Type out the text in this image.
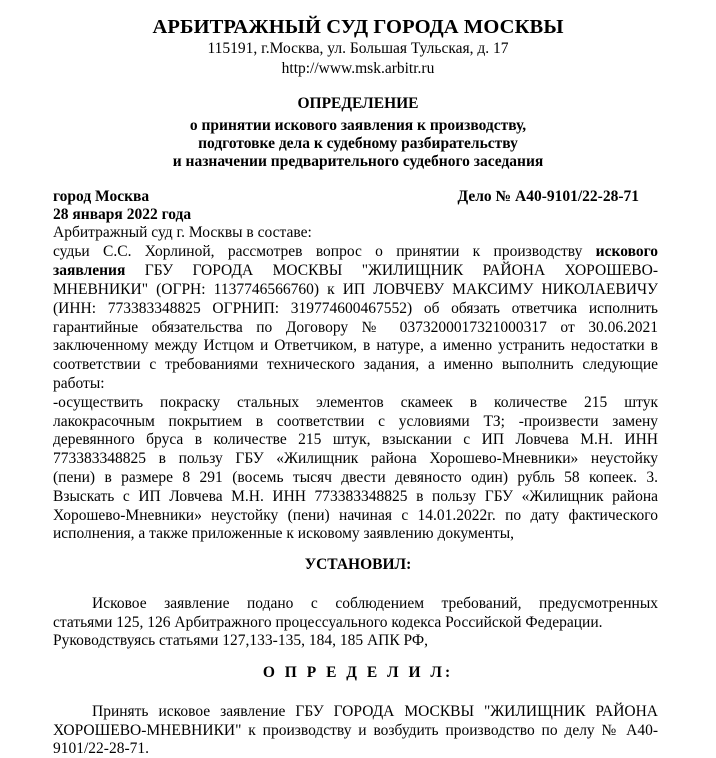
АРБИТРАЖНЫЙ СУД ГОРОДА МОСКВЫ
115191, г.Москва, ул. Большая Тульская, д. 17
http://www.msk.arbitr.ru
ОПРЕДЕЛЕНИЕ
о принятии искового заявления к производству,
подготовке дела к судебному разбирательству
и назначении предварительного судебного заседания
город Москва	Дело № А40-9101/22-28-71
28 января 2022 года
Арбитражный суд г. Москвы в составе:
судьи С.С. Хорлиной, рассмотрев вопрос о принятии к производству искового
заявления ГБУ ГОРОДА МОСКВЫ "ЖИЛИЩНИК РАЙОНА ХОРОШЕВО-
МНЕВНИКИ" (ОГРН: 1137746566760) к ИП ЛОВЧЕВУ МАКСИМУ НИКОЛАЕВИЧУ
(ИНН: 773383348825 ОГРНИП: 319774600467552) об обязать ответчика исполнить
гарантийные обязательства по Договору № 0373200017321000317 от 30.06.2021
заключенному между Истцом и Ответчиком, в натуре, а именно устранить недостатки в
соответствии с требованиями технического задания, а именно выполнить следующие
работы:
-осуществить покраску стальных элементов скамеек в количестве 215 штук
лакокрасочным покрытием в соответствии с условиями ТЗ; -произвести замену
деревянного бруса в количестве 215 штук, взыскании с ИП Ловчева М.Н. ИНН
773383348825 в пользу ГБУ «Жилищник района Хорошево-Мневники» неустойку
(пени) в размере 8 291 (восемь тысяч двести девяносто один) рубль 58 копеек. 3.
Взыскать с ИП Ловчева М.Н. ИНН 773383348825 в пользу ГБУ «Жилищник района
Хорошево-Мневники» неустойку (пени) начиная с 14.01.2022г. по дату фактического
исполнения, а также приложенные к исковому заявлению документы,
УСТАНОВИЛ:
Исковое заявление подано с соблюдением требований, предусмотренных
статьями 125, 126 Арбитражного процессуального кодекса Российской Федерации.
Руководствуясь статьями 127,133-135, 184, 185 АПК РФ,
О П Р Е Д Е Л И Л:
Принять исковое заявление ГБУ ГОРОДА МОСКВЫ "ЖИЛИЩНИК РАЙОНА
ХОРОШЕВО-МНЕВНИКИ" к производству и возбудить производство по делу № А40-
9101/22-28-71.
